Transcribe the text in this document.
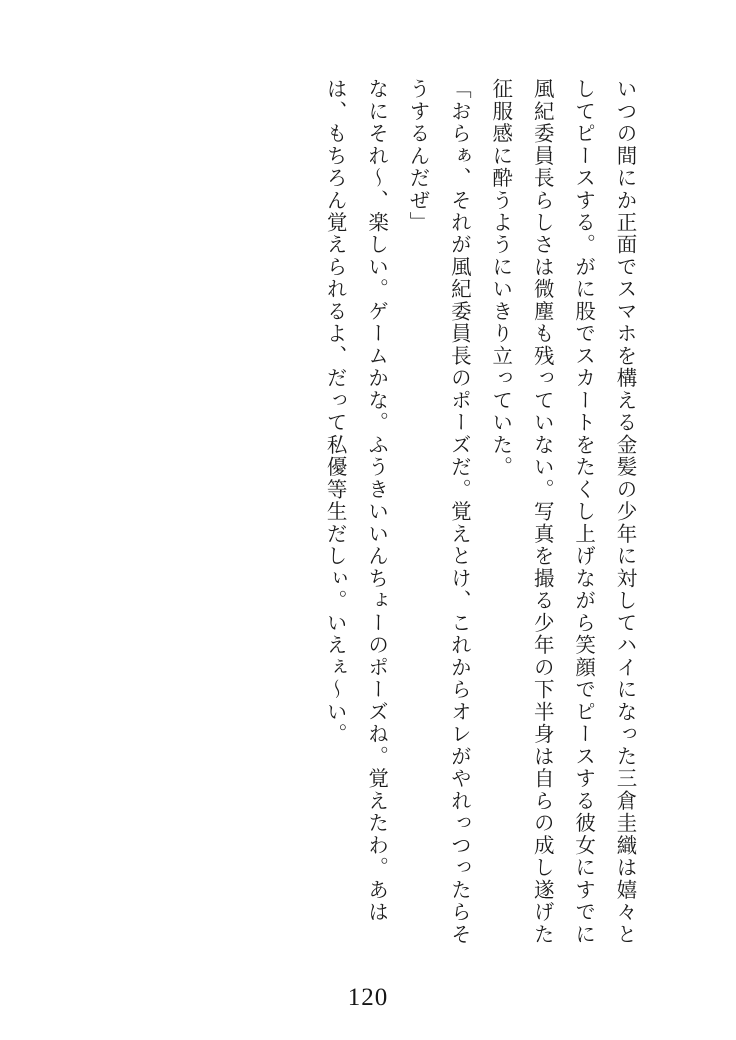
いつの間にか正面でスマホを構える金髪の少年に対してハイになった三倉圭織は嬉々としてピースする。がに股でスカートをたくし上げながら笑顔でピースする彼女にすでに風紀委員長らしさは微塵も残っていない。写真を撮る少年の下半身は自らの成し遂げた征服感に酔うようにいきり立っていた。

「おらぁ、それが風紀委員長のポーズだ。覚えとけ、これからオレがやれっつったらそうするんだぜ」

なにそれ〜、楽しい。ゲームかな。ふうきいいんちょーのポーズね。覚えたわ。あはは、もちろん覚えられるよ、だって私優等生だしぃ。いえぇ〜い。

120
